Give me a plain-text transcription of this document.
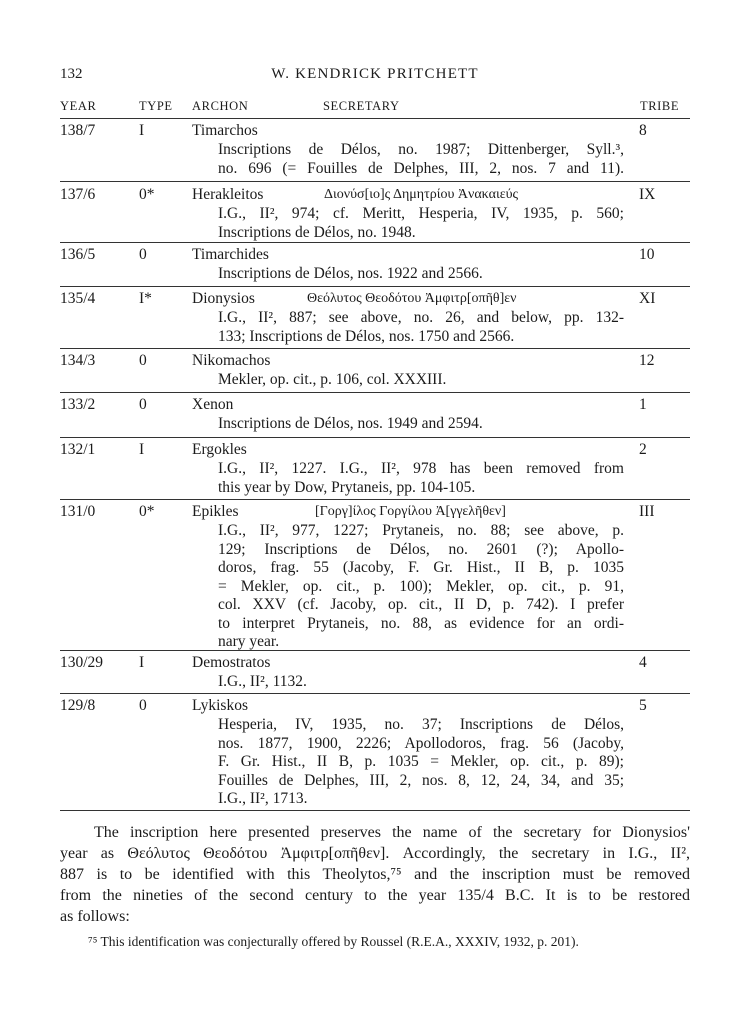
132	W. KENDRICK PRITCHETT
YEAR	TYPE ARCHON	SECRETARY	TRIBE
138/7	I	Timarchos	8
Inscriptions de Délos, no. 1987; Dittenberger, Syll.³,
no. 696 (= Fouilles de Delphes, III, 2, nos. 7 and 11).
137/6	0* Herakleitos	Διονύσ[ιο]ς Δημητρίου Ἀνακαιεύς	IX
I.G., II², 974; cf. Meritt, Hesperia, IV, 1935, p. 560;
Inscriptions de Délos, no. 1948.
136/5	0	Timarchides	10
Inscriptions de Délos, nos. 1922 and 2566.
135/4	I*	Dionysios	Θεόλυτος Θεοδότου Ἀμφιτρ[οπῆθ]εν	XI
I.G., II², 887; see above, no. 26, and below, pp. 132-
133; Inscriptions de Délos, nos. 1750 and 2566.
134/3	0	Nikomachos	12
Mekler, op. cit., p. 106, col. XXXIII.
133/2	0	Xenon	1
Inscriptions de Délos, nos. 1949 and 2594.
132/1	I	Ergokles	2
I.G., II², 1227. I.G., II², 978 has been removed from
this year by Dow, Prytaneis, pp. 104-105.
131/0	0* Epikles	[Γοργ]ίλος Γοργίλου Ἀ[γγελῆθεν]	III
I.G., II², 977, 1227; Prytaneis, no. 88; see above, p.
129; Inscriptions de Délos, no. 2601 (?); Apollo-
doros, frag. 55 (Jacoby, F. Gr. Hist., II B, p. 1035
= Mekler, op. cit., p. 100); Mekler, op. cit., p. 91,
col. XXV (cf. Jacoby, op. cit., II D, p. 742). I prefer
to interpret Prytaneis, no. 88, as evidence for an ordi-
nary year.
130/29 I	Demostratos	4
I.G., II², 1132.
129/8	0	Lykiskos	5
Hesperia, IV, 1935, no. 37; Inscriptions de Délos,
nos. 1877, 1900, 2226; Apollodoros, frag. 56 (Jacoby,
F. Gr. Hist., II B, p. 1035 = Mekler, op. cit., p. 89);
Fouilles de Delphes, III, 2, nos. 8, 12, 24, 34, and 35;
I.G., II², 1713.
The inscription here presented preserves the name of the secretary for Dionysios'
year as Θεόλυτος Θεοδότου Ἀμφιτρ[οπῆθεν]. Accordingly, the secretary in I.G., II²,
887 is to be identified with this Theolytos,⁷⁵ and the inscription must be removed
from the nineties of the second century to the year 135/4 B.C. It is to be restored
as follows:
⁷⁵ This identification was conjecturally offered by Roussel (R.E.A., XXXIV, 1932, p. 201).
